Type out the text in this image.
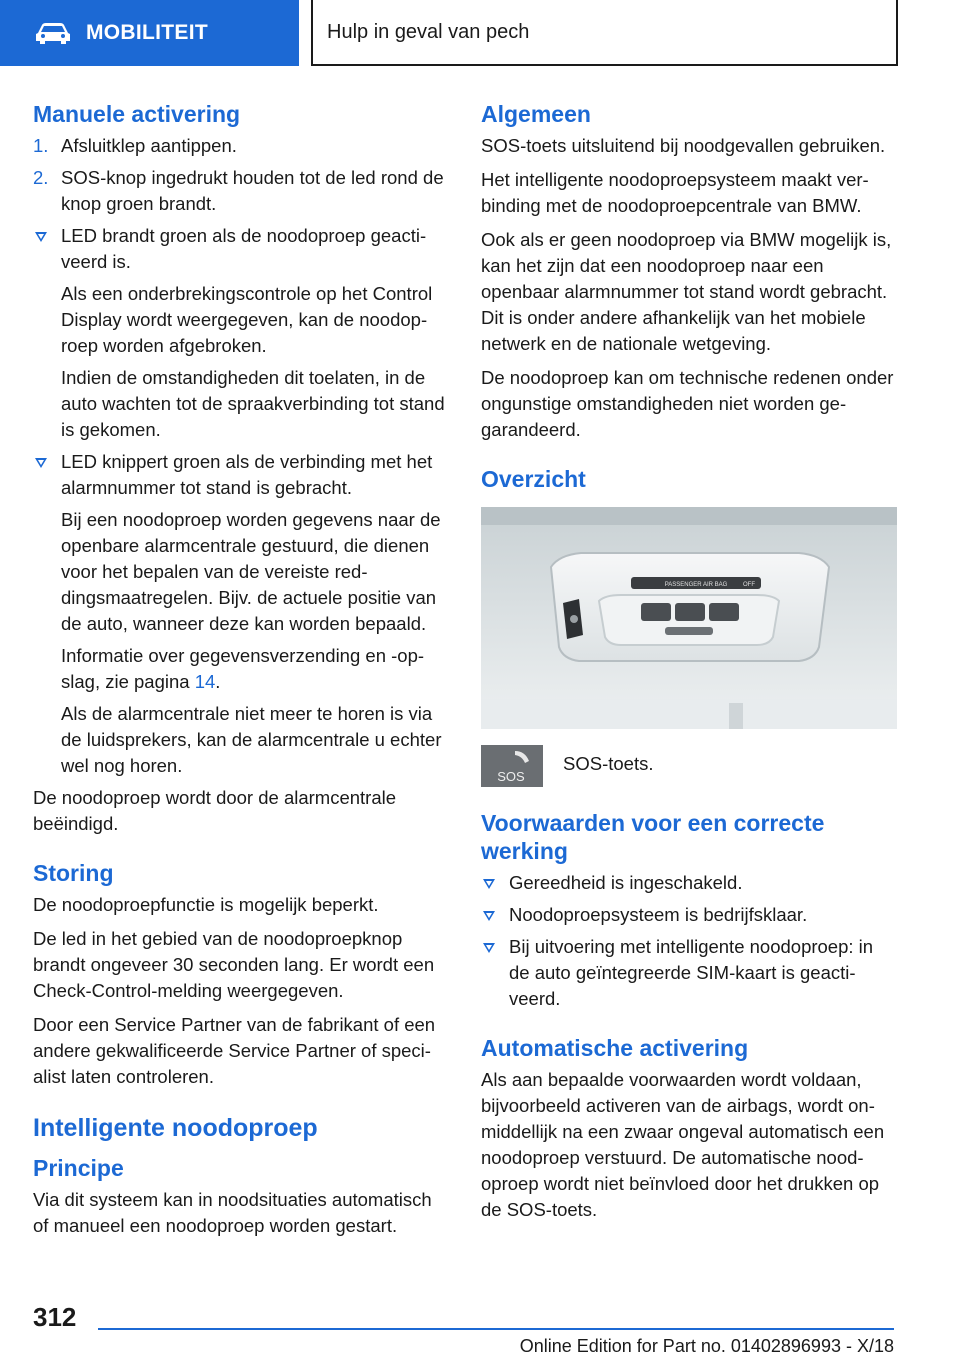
MOBILITEIT	Hulp in geval van pech
Manuele activering
1. Afsluitklep aantippen.
2. SOS-knop ingedrukt houden tot de led rond de knop groen brandt.
LED brandt groen als de noodoproep geactiveerd is.

Als een onderbrekingscontrole op het Control Display wordt weergegeven, kan de noodoproep worden afgebroken.

Indien de omstandigheden dit toelaten, in de auto wachten tot de spraakverbinding tot stand is gekomen.

LED knippert groen als de verbinding met het alarmnummer tot stand is gebracht.

Bij een noodoproep worden gegevens naar de openbare alarmcentrale gestuurd, die dienen voor het bepalen van de vereiste reddingsmaatregelen. Bijv. de actuele positie van de auto, wanneer deze kan worden bepaald.

Informatie over gegevensverzending en -opslag, zie pagina 14.

Als de alarmcentrale niet meer te horen is via de luidsprekers, kan de alarmcentrale u echter wel nog horen.

De noodoproep wordt door de alarmcentrale beëindigd.

Storing

De noodoproepfunctie is mogelijk beperkt.

De led in het gebied van de noodoproepknop brandt ongeveer 30 seconden lang. Er wordt een Check-Control-melding weergegeven.

Door een Service Partner van de fabrikant of een andere gekwalificeerde Service Partner of specialist laten controleren.

Intelligente noodoproep
Principe

Via dit systeem kan in noodsituaties automatisch of manueel een noodoproep worden gestart.

Algemeen

SOS-toets uitsluitend bij noodgevallen gebruiken.

Het intelligente noodoproepsysteem maakt verbinding met de noodoproepcentrale van BMW.

Ook als er geen noodoproep via BMW mogelijk is, kan het zijn dat een noodoproep naar een openbaar alarmnummer tot stand wordt gebracht. Dit is onder andere afhankelijk van het mobiele netwerk en de nationale wetgeving.

De noodoproep kan om technische redenen onder ongunstige omstandigheden niet worden gegarandeerd.

Overzicht
PASSENGER AIR BAG	OFF
SOS
SOS-toets.
Voorwaarden voor een correcte werking
Gereedheid is ingeschakeld.
Noodoproepsysteem is bedrijfsklaar.
Bij uitvoering met intelligente noodoproep: in de auto geïntegreerde SIM-kaart is geactiveerd.
Automatische activering

Als aan bepaalde voorwaarden wordt voldaan, bijvoorbeeld activeren van de airbags, wordt onmiddellijk na een zwaar ongeval automatisch een noodoproep verstuurd. De automatische noodoproep wordt niet beïnvloed door het drukken op de SOS-toets.

312
Online Edition for Part no. 01402896993 - X/18
